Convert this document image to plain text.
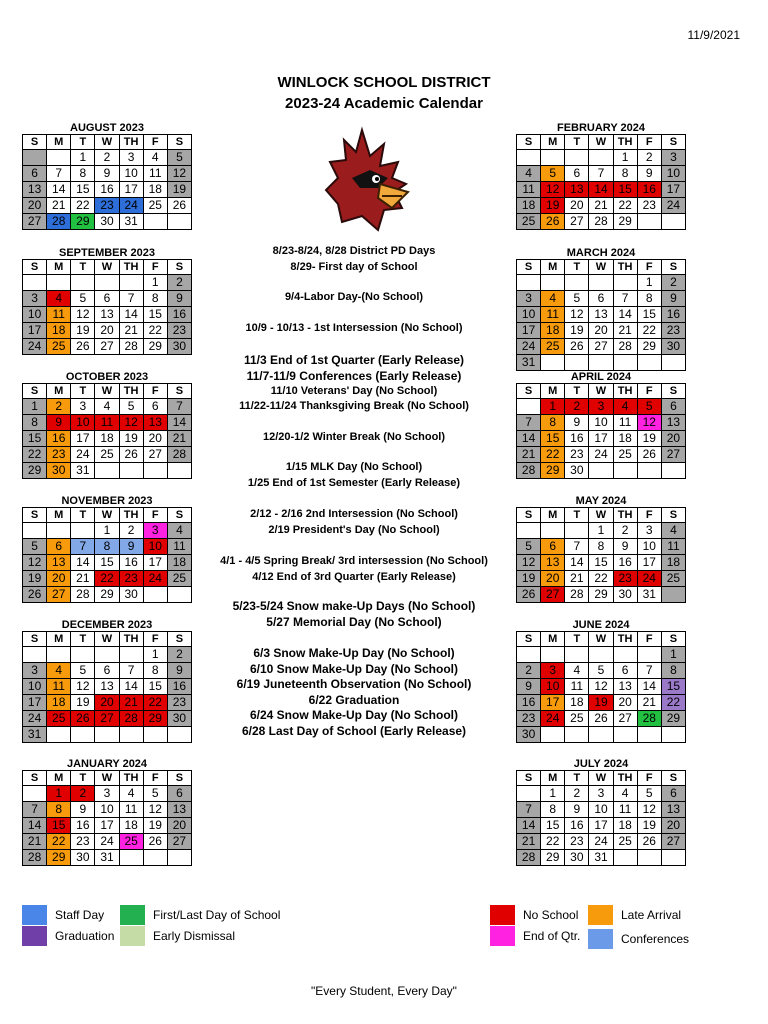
11/9/2021
WINLOCK SCHOOL DISTRICT
2023-24 Academic Calendar
AUGUST 2023
S	M	T	W	TH	F	S
		1	2	3	4	5
6	7	8	9	10	11	12
13	14	15	16	17	18	19
20	21	22	23	24	25	26
27	28	29	30	31		
SEPTEMBER 2023
S	M	T	W	TH	F	S
					1	2
3	4	5	6	7	8	9
10	11	12	13	14	15	16
17	18	19	20	21	22	23
24	25	26	27	28	29	30
OCTOBER 2023
S	M	T	W	TH	F	S
1	2	3	4	5	6	7
8	9	10	11	12	13	14
15	16	17	18	19	20	21
22	23	24	25	26	27	28
29	30	31				
NOVEMBER 2023
S	M	T	W	TH	F	S
			1	2	3	4
5	6	7	8	9	10	11
12	13	14	15	16	17	18
19	20	21	22	23	24	25
26	27	28	29	30		
DECEMBER 2023
S	M	T	W	TH	F	S
					1	2
3	4	5	6	7	8	9
10	11	12	13	14	15	16
17	18	19	20	21	22	23
24	25	26	27	28	29	30
31						
JANUARY 2024
S	M	T	W	TH	F	S
	1	2	3	4	5	6
7	8	9	10	11	12	13
14	15	16	17	18	19	20
21	22	23	24	25	26	27
28	29	30	31			
FEBRUARY 2024
S	M	T	W	TH	F	S
				1	2	3
4	5	6	7	8	9	10
11	12	13	14	15	16	17
18	19	20	21	22	23	24
25	26	27	28	29		
MARCH 2024
S	M	T	W	TH	F	S
					1	2
3	4	5	6	7	8	9
10	11	12	13	14	15	16
17	18	19	20	21	22	23
24	25	26	27	28	29	30
31						
APRIL 2024
S	M	T	W	TH	F	S
	1	2	3	4	5	6
7	8	9	10	11	12	13
14	15	16	17	18	19	20
21	22	23	24	25	26	27
28	29	30				
MAY 2024
S	M	T	W	TH	F	S
			1	2	3	4
5	6	7	8	9	10	11
12	13	14	15	16	17	18
19	20	21	22	23	24	25
26	27	28	29	30	31	
JUNE 2024
S	M	T	W	TH	F	S
						1
2	3	4	5	6	7	8
9	10	11	12	13	14	15
16	17	18	19	20	21	22
23	24	25	26	27	28	29
30						
JULY 2024
S	M	T	W	TH	F	S
	1	2	3	4	5	6
7	8	9	10	11	12	13
14	15	16	17	18	19	20
21	22	23	24	25	26	27
28	29	30	31			
8/23-8/24, 8/28 District PD Days
8/29- First day of School
9/4-Labor Day-(No School)
10/9 - 10/13 - 1st Intersession (No School)
11/3 End of 1st Quarter (Early Release)
11/7-11/9 Conferences (Early Release)
11/10 Veterans' Day (No School)
11/22-11/24 Thanksgiving Break (No School)
12/20-1/2 Winter Break (No School)
1/15 MLK Day (No School)
1/25 End of 1st Semester (Early Release)
2/12 - 2/16 2nd Intersession (No School)
2/19 President's Day (No School)
4/1 - 4/5 Spring Break/ 3rd intersession (No School)
4/12 End of 3rd Quarter (Early Release)
5/23-5/24 Snow make-Up Days (No School)
5/27 Memorial Day (No School)
6/3 Snow Make-Up Day (No School)
6/10 Snow Make-Up Day (No School)
6/19 Juneteenth Observation (No School)
6/22 Graduation
6/24 Snow Make-Up Day (No School)
6/28 Last Day of School (Early Release)
Staff Day
Graduation
First/Last Day of School
Early Dismissal
No School
End of Qtr.
Late Arrival
Conferences
"Every Student, Every Day"
